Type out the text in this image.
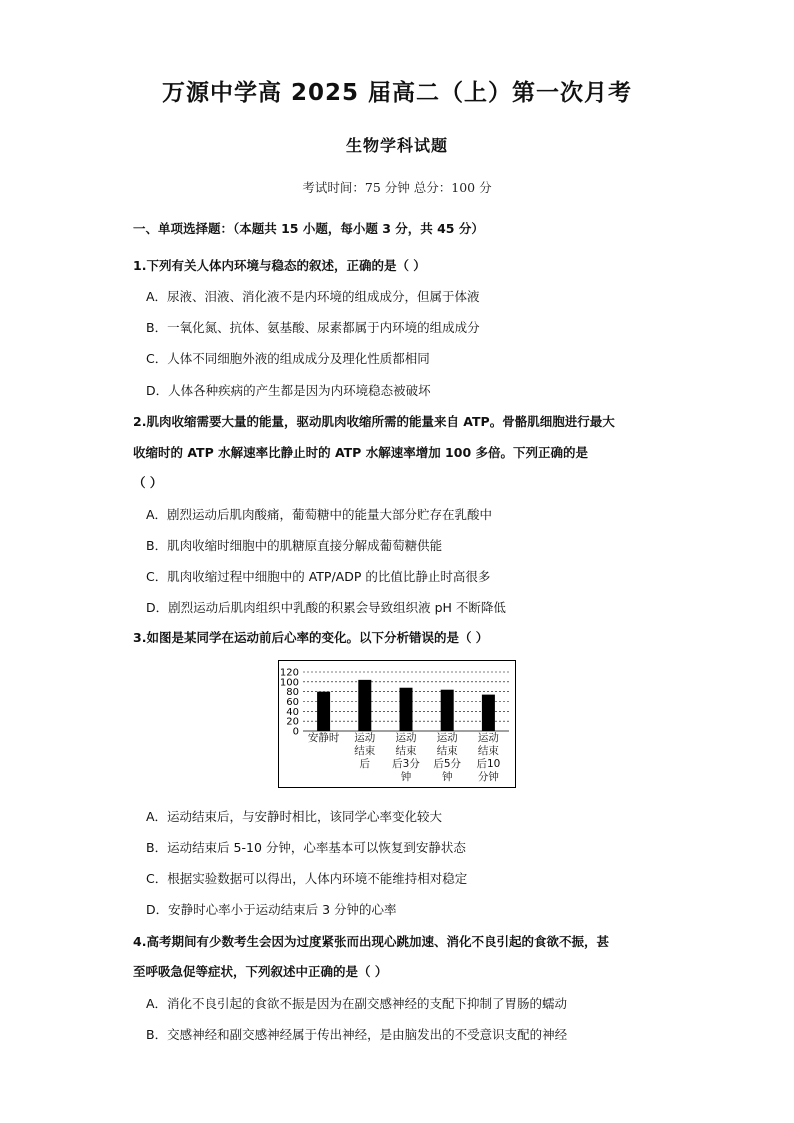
万源中学高 2025 届高二（上）第一次月考
生物学科试题
考试时间：75 分钟 总分：100 分
一、单项选择题：（本题共 15 小题，每小题 3 分，共 45 分）
1.下列有关人体内环境与稳态的叙述，正确的是（ ）
A．尿液、泪液、消化液不是内环境的组成成分，但属于体液
B．一氧化氮、抗体、氨基酸、尿素都属于内环境的组成成分
C．人体不同细胞外液的组成成分及理化性质都相同
D．人体各种疾病的产生都是因为内环境稳态被破坏
2.肌肉收缩需要大量的能量，驱动肌肉收缩所需的能量来自 ATP。骨骼肌细胞进行最大
收缩时的 ATP 水解速率比静止时的 ATP 水解速率增加 100 多倍。下列正确的是
（ ）
A．剧烈运动后肌肉酸痛，葡萄糖中的能量大部分贮存在乳酸中
B．肌肉收缩时细胞中的肌糖原直接分解成葡萄糖供能
C．肌肉收缩过程中细胞中的 ATP/ADP 的比值比静止时高很多
D．剧烈运动后肌肉组织中乳酸的积累会导致组织液 pH 不断降低
3.如图是某同学在运动前后心率的变化。以下分析错误的是（ ）
120
100
80
60
40
20
0 安静时	运动
结束
后
运动
结束
后3分
钟
运动
结束
后5分
钟
运动
结束
后10
分钟
A．运动结束后，与安静时相比，该同学心率变化较大
B．运动结束后 5-10 分钟，心率基本可以恢复到安静状态
C．根据实验数据可以得出，人体内环境不能维持相对稳定
D．安静时心率小于运动结束后 3 分钟的心率
4.高考期间有少数考生会因为过度紧张而出现心跳加速、消化不良引起的食欲不振，甚
至呼吸急促等症状，下列叙述中正确的是（ ）
A．消化不良引起的食欲不振是因为在副交感神经的支配下抑制了胃肠的蠕动
B．交感神经和副交感神经属于传出神经，是由脑发出的不受意识支配的神经
